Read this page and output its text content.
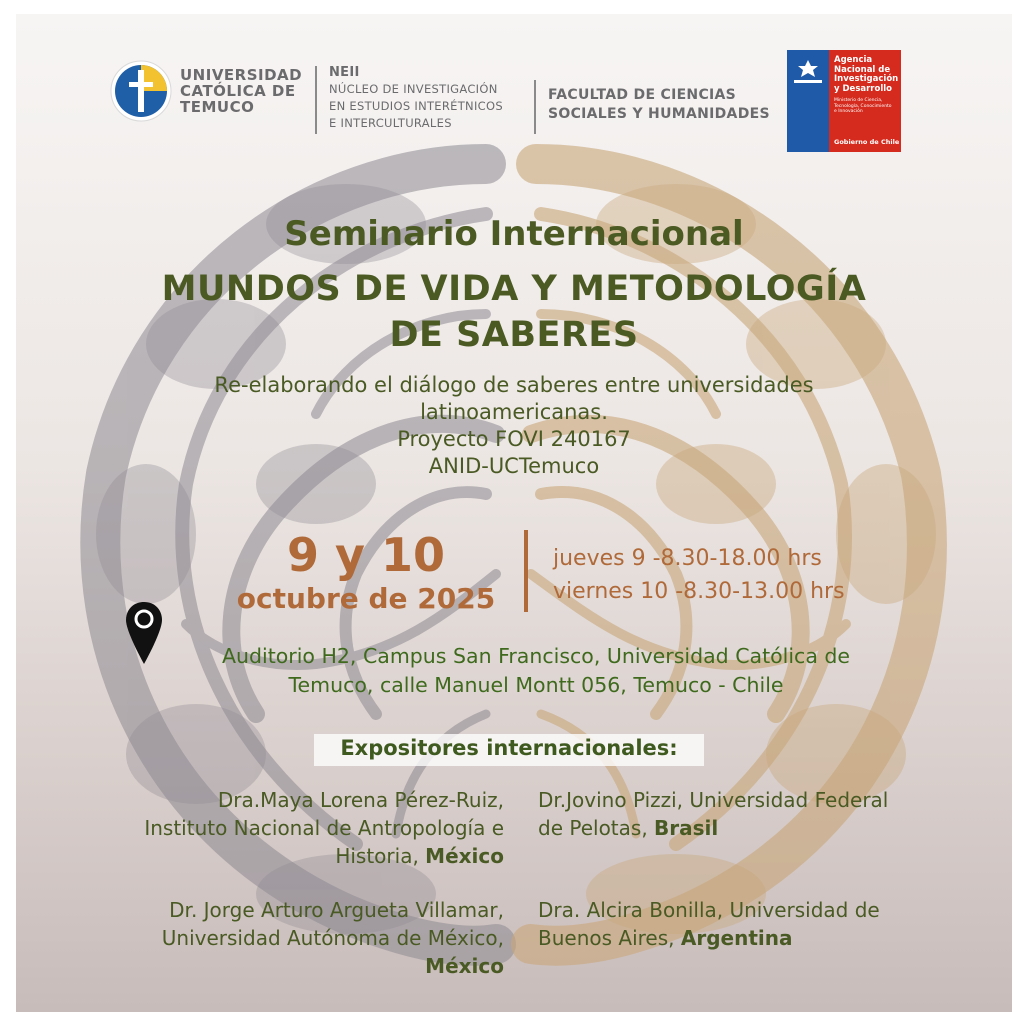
UNIVERSIDAD
CATÓLICA DE
TEMUCO
NEII
NÚCLEO DE INVESTIGACIÓN
EN ESTUDIOS INTERÉTNICOS
E INTERCULTURALES
FACULTAD DE CIENCIAS
SOCIALES Y HUMANIDADES
Agencia
Nacional de
Investigación
y Desarrollo
Ministerio de Ciencia,
Tecnología, Conocimiento
e Innovación
Gobierno de Chile
Seminario Internacional
MUNDOS DE VIDA Y METODOLOGÍA
DE SABERES
Re-elaborando el diálogo de saberes entre universidades
latinoamericanas.
Proyecto FOVI 240167
ANID-UCTemuco
9 y 10
octubre de 2025
jueves 9 -8.30-18.00 hrs
viernes 10 -8.30-13.00 hrs
Auditorio H2, Campus San Francisco, Universidad Católica de
Temuco, calle Manuel Montt 056, Temuco - Chile
Expositores internacionales:
Dra.Maya Lorena Pérez-Ruiz,
Instituto Nacional de Antropología e
Historia, México
Dr.Jovino Pizzi, Universidad Federal
de Pelotas, Brasil
Dr. Jorge Arturo Argueta Villamar,
Universidad Autónoma de México,
México
Dra. Alcira Bonilla, Universidad de
Buenos Aires, Argentina
